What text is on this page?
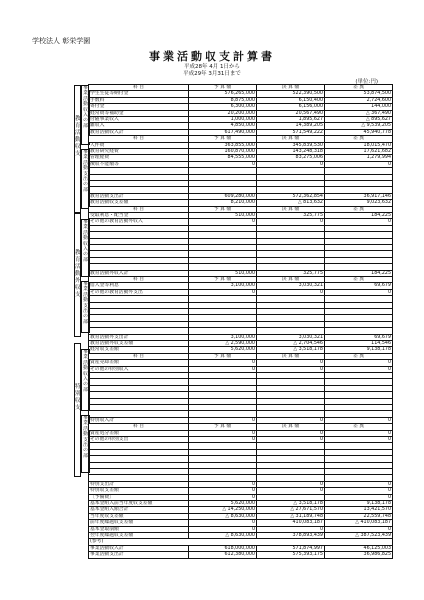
学校法人 彰栄学園
事業活動収支計算書
平成28年 4月 1日から
平成29年 3月31日まで
(単位:円)
教育活動収支
事業活動収入の部
事業活動支出の部
教育活動外収支
事業活動収入の部
事業活動支出の部
特別収支
事業活動収入の部
事業活動支出の部
科 目	予 算 額	決 算 額	差 異
学生生徒等納付金	576,265,000	522,390,500	53,874,500
手数料	8,875,000	6,150,400	2,724,600
寄付金	6,300,000	6,156,000	144,000
経常費等補助金	20,200,000	20,567,490	△ 367,490
付随事業収入	1,000,000	1,895,627	△ 895,627
雑収入	4,850,000	14,389,205	△ 9,539,205
教育活動収入計	617,490,000	571,549,222	45,940,778
科 目	予 算 額	決 算 額	差 異
人件費	363,855,000	345,839,530	18,015,470
教育研究経費	160,870,000	143,248,318	17,621,682
管理経費	84,555,000	83,275,006	1,279,994
徴収不能額等	0	0	0

教育活動支出計	609,280,000	572,362,854	36,917,146
教育活動収支差額	8,210,000	△ 813,632	9,023,632
科 目	予 算 額	決 算 額	差 異
受取利息・配当金	510,000	325,775	184,225
その他の教育活動外収入	0	0	0

教育活動外収入計	510,000	325,775	184,225
科 目	予 算 額	決 算 額	差 異
借入金等利息	3,100,000	3,030,321	69,679
その他の教育活動外支出	0	0	0

教育活動外支出計	3,100,000	3,030,321	69,679
教育活動外収支差額	△ 2,590,000	△ 2,704,546	114,546
経常収支差額	5,620,000	△ 3,518,178	9,138,178
科 目	予 算 額	決 算 額	差 異
資産売却差額	0	0	0
その他の特別収入	0	0	0

特別収入計	0	0	0
科 目	予 算 額	決 算 額	差 異
資産処分差額	0	0	0
その他の特別支出	0	0	0

特別支出計	0	0	0
特別収支差額	0	0	0
〔予備費〕	0		0
基本金組入前当年度収支差額	5,620,000	△ 3,518,178	9,138,178
基本金組入額合計	△ 14,250,000	△ 27,671,570	13,421,570
当年度収支差額	△ 8,630,000	△ 31,189,748	22,559,748
前年度繰越収支差額	0	410,083,187	△ 410,083,187
基本金取崩額	0	0	0
翌年度繰越収支差額	△ 8,630,000	378,893,439	△ 387,523,439
(参考)			
事業活動収入計	618,000,000	571,874,997	46,125,003
事業活動支出計	612,380,000	575,393,175	36,986,825
